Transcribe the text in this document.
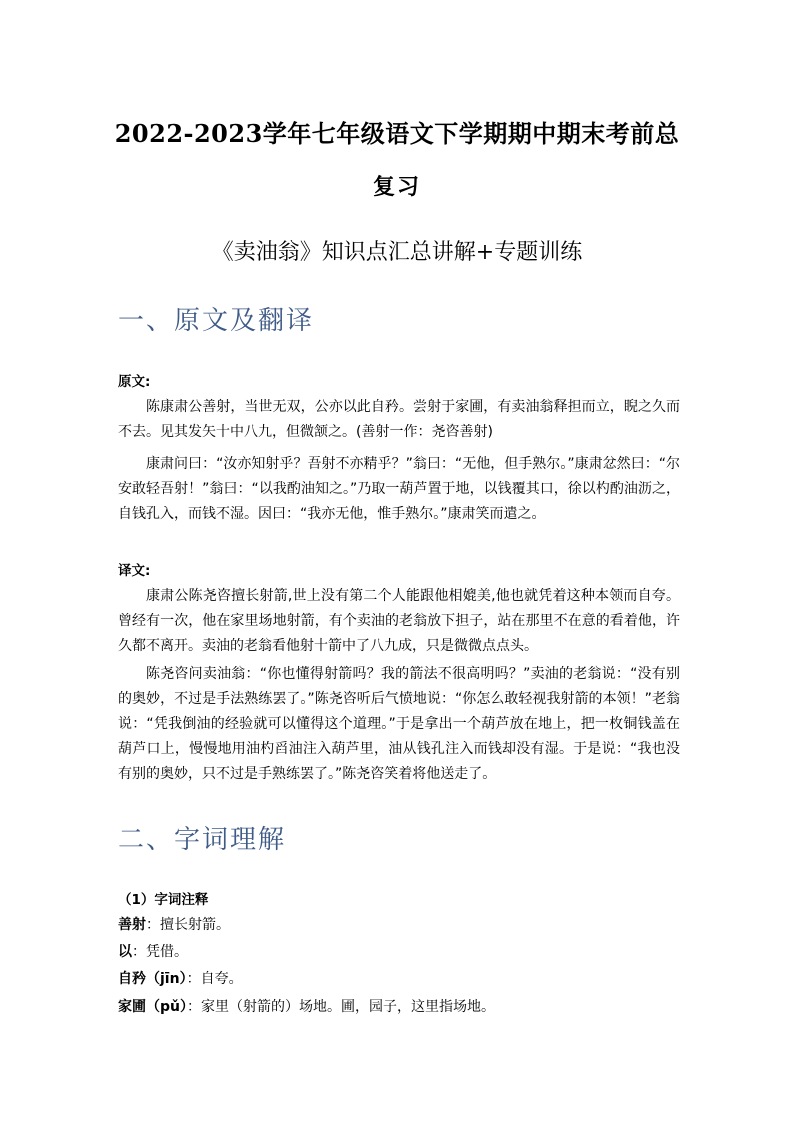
2022-2023学年七年级语文下学期期中期末考前总
复习
《卖油翁》知识点汇总讲解+专题训练
一、原文及翻译
原文:

陈康肃公善射，当世无双，公亦以此自矜。尝射于家圃，有卖油翁释担而立，睨之久而不去。见其发矢十中八九，但微颔之。(善射一作：尧咨善射)

康肃问曰：“汝亦知射乎？吾射不亦精乎？”翁曰：“无他，但手熟尔。”康肃忿然曰：“尔安敢轻吾射！”翁曰：“以我酌油知之。”乃取一葫芦置于地，以钱覆其口，徐以杓酌油沥之，自钱孔入，而钱不湿。因曰：“我亦无他，惟手熟尔。”康肃笑而遣之。

译文:

康肃公陈尧咨擅长射箭,世上没有第二个人能跟他相媲美,他也就凭着这种本领而自夸。曾经有一次，他在家里场地射箭，有个卖油的老翁放下担子，站在那里不在意的看着他，许久都不离开。卖油的老翁看他射十箭中了八九成，只是微微点点头。

陈尧咨问卖油翁：“你也懂得射箭吗？我的箭法不很高明吗？”卖油的老翁说：“没有别的奥妙，不过是手法熟练罢了。”陈尧咨听后气愤地说：“你怎么敢轻视我射箭的本领！”老翁说：“凭我倒油的经验就可以懂得这个道理。”于是拿出一个葫芦放在地上，把一枚铜钱盖在葫芦口上，慢慢地用油杓舀油注入葫芦里，油从钱孔注入而钱却没有湿。于是说：“我也没有别的奥妙，只不过是手熟练罢了。”陈尧咨笑着将他送走了。

二、字词理解
（1）字词注释

善射：擅长射箭。

以：凭借。

自矜（jīn）：自夸。

家圃（pǔ）：家里（射箭的）场地。圃，园子，这里指场地。
